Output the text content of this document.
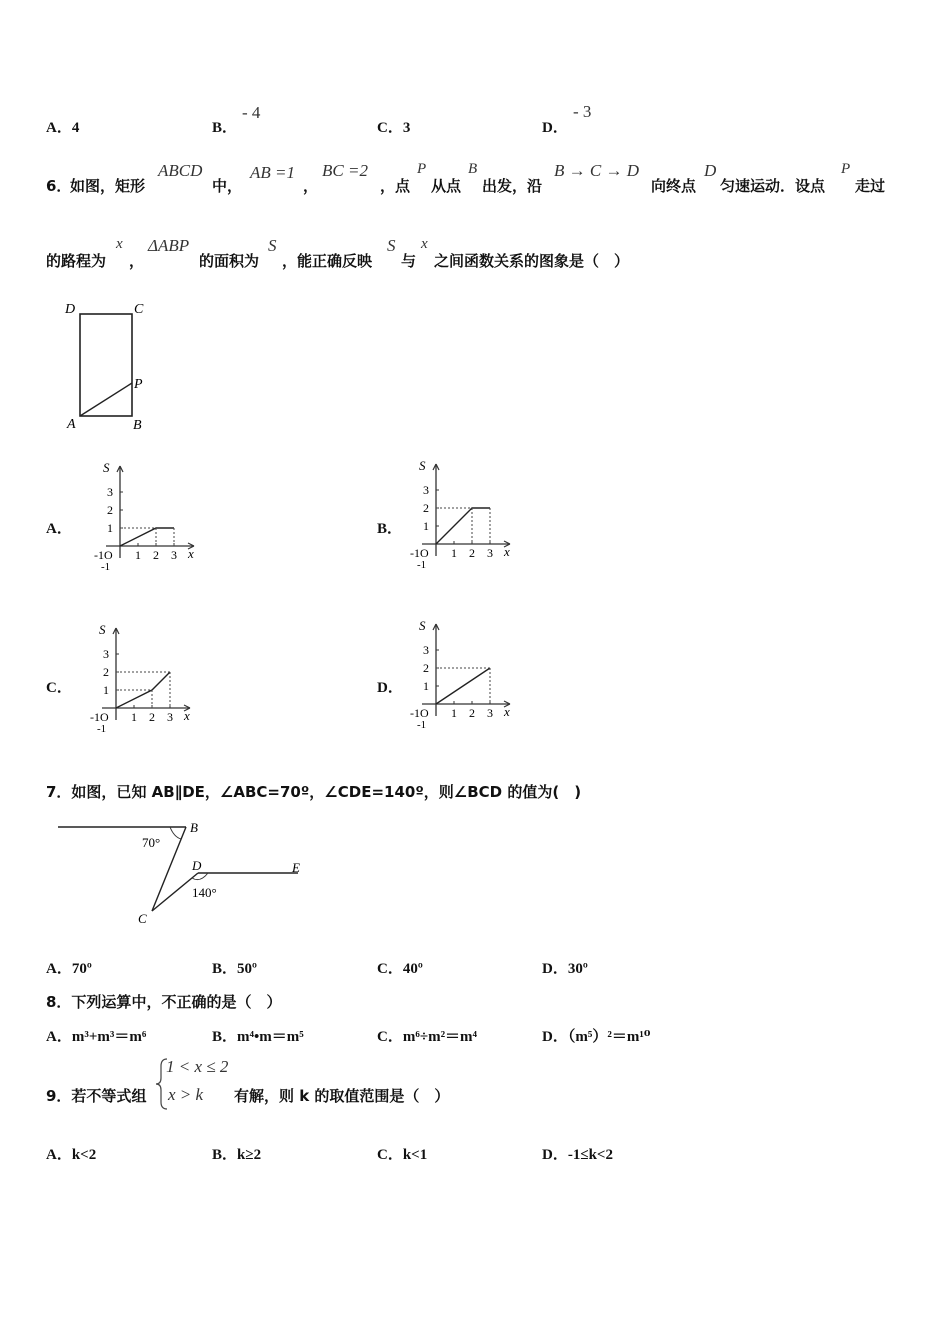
A．4	B．
- 4
C．3	D．
- 3
6．
如图，矩形
ABCD
中，
AB =1
，
BC =2
，点
P
从点
B
出发，沿
B → C → D
向终点
D
匀速运动．设点
P
走过
的路程为
x
，
ΔABP
的面积为
S
，能正确反映
S
与
x
之间函数关系的图象是（　）
D	C
P
A	B
A．	B．
C．	D．
1 2 3
1
2
3
-1O
-1
S
x	1 2 3
1
2
3
-1O
-1
S
x
1 2 3
1
2
3
-1O
-1
S
x	1 2 3
1
2
3
-1O
-1
S
x
7．如图，已知 AB∥DE，∠ABC=70º，∠CDE=140º，则∠BCD 的值为(　)
70°
140°
B
D	E
C
A．70º	B．50º	C．40º	D．30º
8．下列运算中，不正确的是（　）
A．m³+m³＝m⁶	B．m⁴•m＝m⁵	C．m⁶÷m²＝m⁴	D．（m⁵）²＝m¹⁰
9．若不等式组
1 < x ≤ 2
x > k 有解，则 k 的取值范围是（　）
A．k<2	B．k≥2	C．k<1	D．-1≤k<2
